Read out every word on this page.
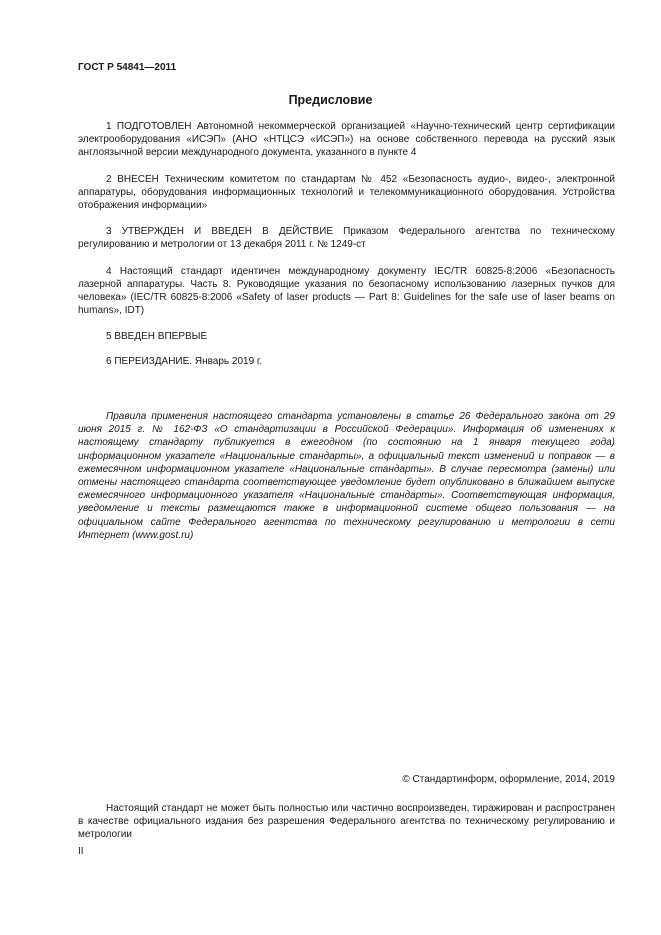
ГОСТ Р 54841—2011
Предисловие

1 ПОДГОТОВЛЕН Автономной некоммерческой организацией «Научно-технический центр сертификации электрооборудования «ИСЭП» (АНО «НТЦСЭ «ИСЭП») на основе собственного перевода на русский язык англоязычной версии международного документа, указанного в пункте 4

2 ВНЕСЕН Техническим комитетом по стандартам № 452 «Безопасность аудио-, видео-, электронной аппаратуры, оборудования информационных технологий и телекоммуникационного оборудования. Устройства отображения информации»

3 УТВЕРЖДЕН И ВВЕДЕН В ДЕЙСТВИЕ Приказом Федерального агентства по техническому регулированию и метрологии от 13 декабря 2011 г. № 1249-ст

4 Настоящий стандарт идентичен международному документу IEC/TR 60825-8:2006 «Безопасность лазерной аппаратуры. Часть 8. Руководящие указания по безопасному использованию лазерных пучков для человека» (IEC/TR 60825-8:2006 «Safety of laser products — Part 8: Guidelines for the safe use of laser beams on humans», IDT)

5 ВВЕДЕН ВПЕРВЫЕ

6 ПЕРЕИЗДАНИЕ. Январь 2019 г.

Правила применения настоящего стандарта установлены в статье 26 Федерального закона от 29 июня 2015 г. № 162-ФЗ «О стандартизации в Российской Федерации». Информация об изменениях к настоящему стандарту публикуется в ежегодном (по состоянию на 1 января текущего года) информационном указателе «Национальные стандарты», а официальный текст изменений и поправок — в ежемесячном информационном указателе «Национальные стандарты». В случае пересмотра (замены) или отмены настоящего стандарта соответствующее уведомление будет опубликовано в ближайшем выпуске ежемесячного информационного указателя «Национальные стандарты». Соответствующая информация, уведомление и тексты размещаются также в информационной системе общего пользования — на официальном сайте Федерального агентства по техническому регулированию и метрологии в сети Интернет (www.gost.ru)

© Стандартинформ, оформление, 2014, 2019

Настоящий стандарт не может быть полностью или частично воспроизведен, тиражирован и распространен в качестве официального издания без разрешения Федерального агентства по техническому регулированию и метрологии

II
